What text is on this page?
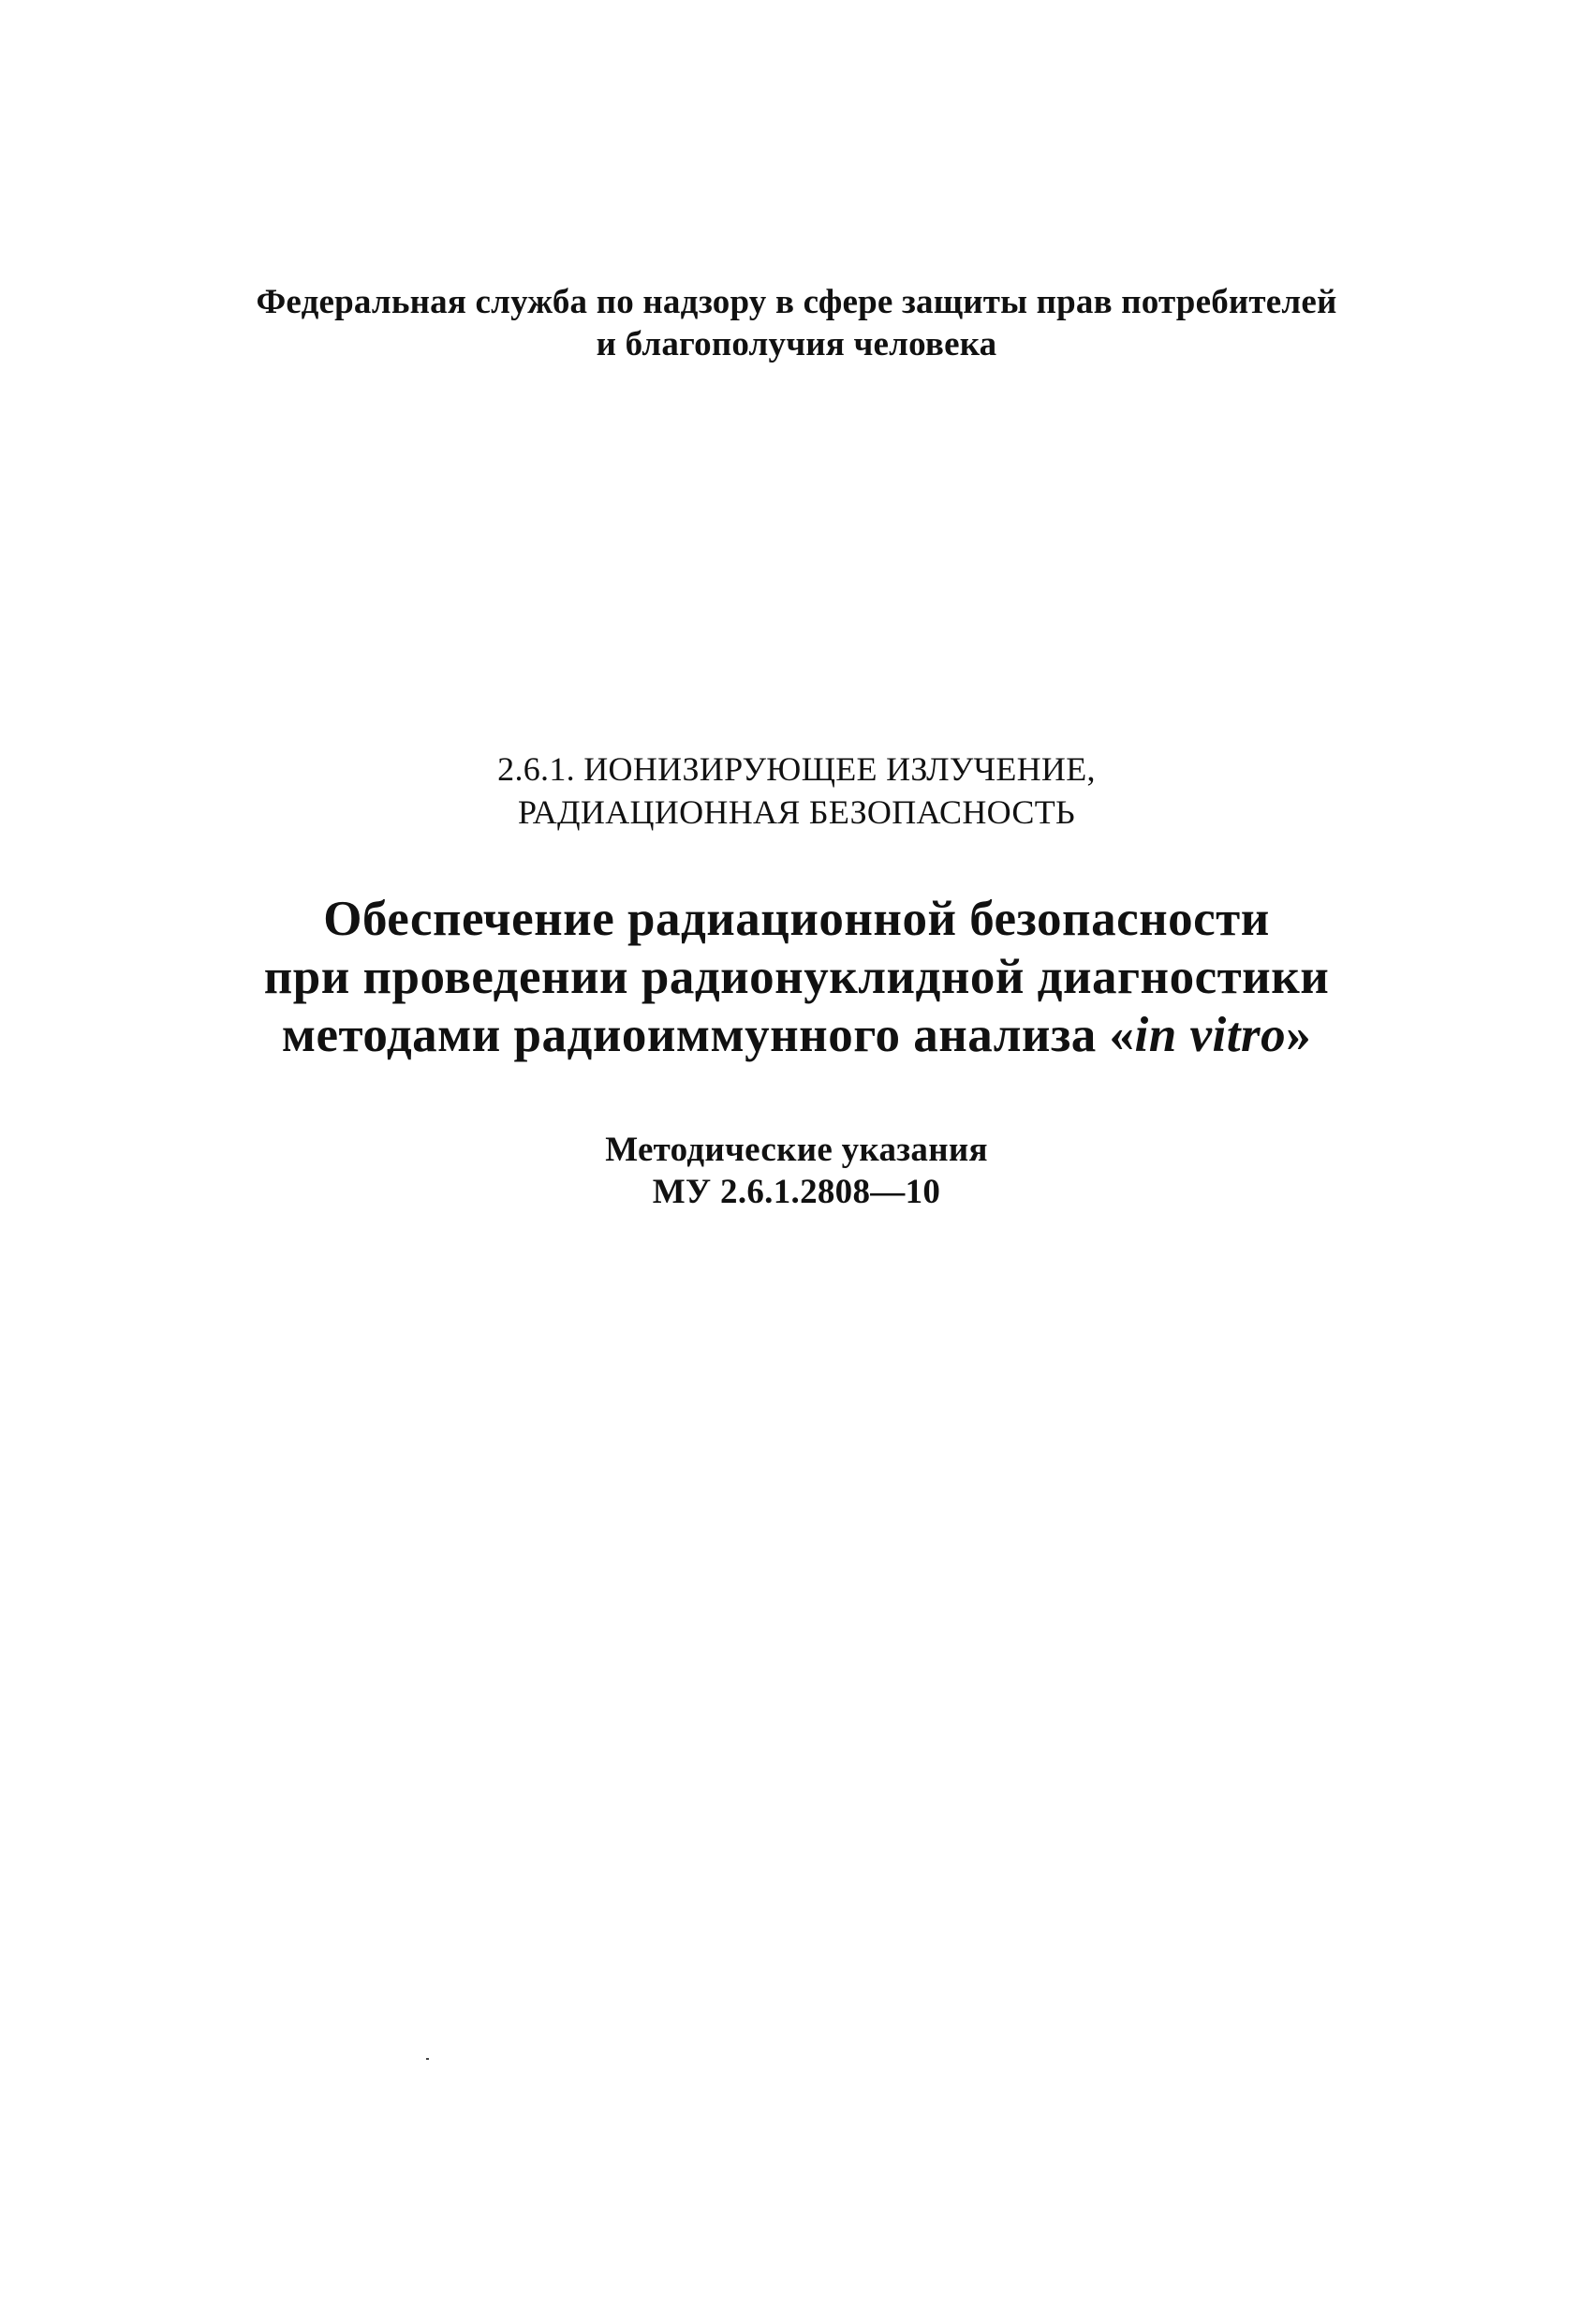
Федеральная служба по надзору в сфере защиты прав потребителей
и благополучия человека
2.6.1. ИОНИЗИРУЮЩЕЕ ИЗЛУЧЕНИЕ,
РАДИАЦИОННАЯ БЕЗОПАСНОСТЬ
Обеспечение радиационной безопасности
при проведении радионуклидной диагностики
методами радиоиммунного анализа «in vitro»
Методические указания
МУ 2.6.1.2808—10
